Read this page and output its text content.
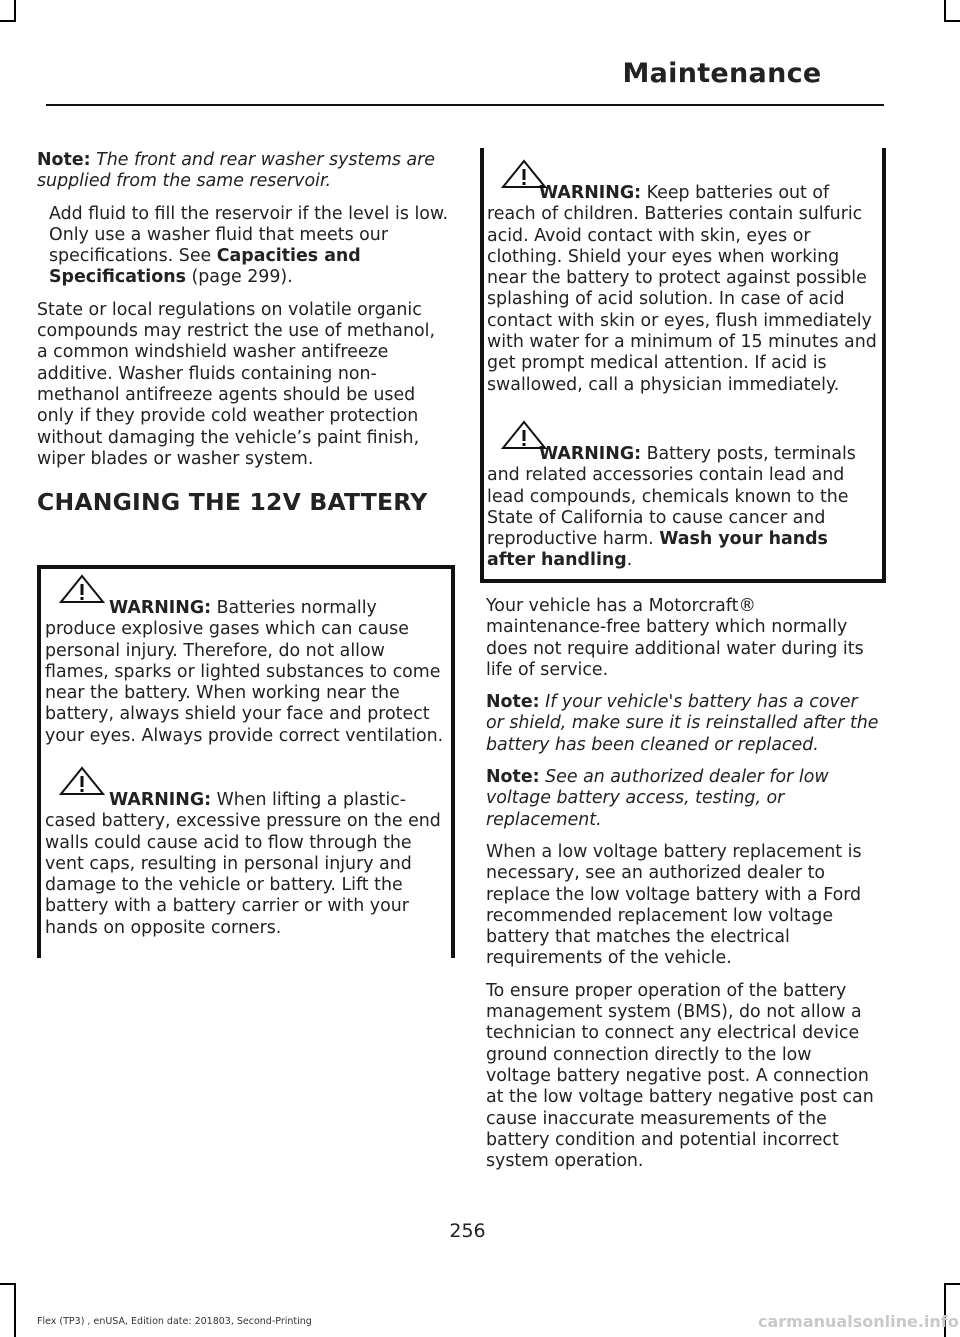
Maintenance

Note: The front and rear washer systems are supplied from the same reservoir.

Add fluid to fill the reservoir if the level is low. Only use a washer fluid that meets our specifications. See Capacities and Specifications (page 299).

State or local regulations on volatile organic compounds may restrict the use of methanol, a common windshield washer antifreeze additive. Washer fluids containing non-methanol antifreeze agents should be used only if they provide cold weather protection without damaging the vehicle’s paint finish, wiper blades or washer system.

CHANGING THE 12V BATTERY
WARNING: Batteries normally produce explosive gases which can cause personal injury. Therefore, do not allow flames, sparks or lighted substances to come near the battery. When working near the battery, always shield your face and protect your eyes. Always provide correct ventilation.
WARNING: When lifting a plastic-cased battery, excessive pressure on the end walls could cause acid to flow through the vent caps, resulting in personal injury and damage to the vehicle or battery. Lift the battery with a battery carrier or with your hands on opposite corners.
WARNING: Keep batteries out of reach of children. Batteries contain sulfuric acid. Avoid contact with skin, eyes or clothing. Shield your eyes when working near the battery to protect against possible splashing of acid solution. In case of acid contact with skin or eyes, flush immediately with water for a minimum of 15 minutes and get prompt medical attention. If acid is swallowed, call a physician immediately.
WARNING: Battery posts, terminals and related accessories contain lead and lead compounds, chemicals known to the State of California to cause cancer and reproductive harm. Wash your hands after handling.

Your vehicle has a Motorcraft® maintenance-free battery which normally does not require additional water during its life of service.

Note: If your vehicle's battery has a cover or shield, make sure it is reinstalled after the battery has been cleaned or replaced.

Note: See an authorized dealer for low voltage battery access, testing, or replacement.

When a low voltage battery replacement is necessary, see an authorized dealer to replace the low voltage battery with a Ford recommended replacement low voltage battery that matches the electrical requirements of the vehicle.

To ensure proper operation of the battery management system (BMS), do not allow a technician to connect any electrical device ground connection directly to the low voltage battery negative post. A connection at the low voltage battery negative post can cause inaccurate measurements of the battery condition and potential incorrect system operation.

256
Flex (TP3) , enUSA, Edition date: 201803, Second-Printing	carmanualsonline.info
